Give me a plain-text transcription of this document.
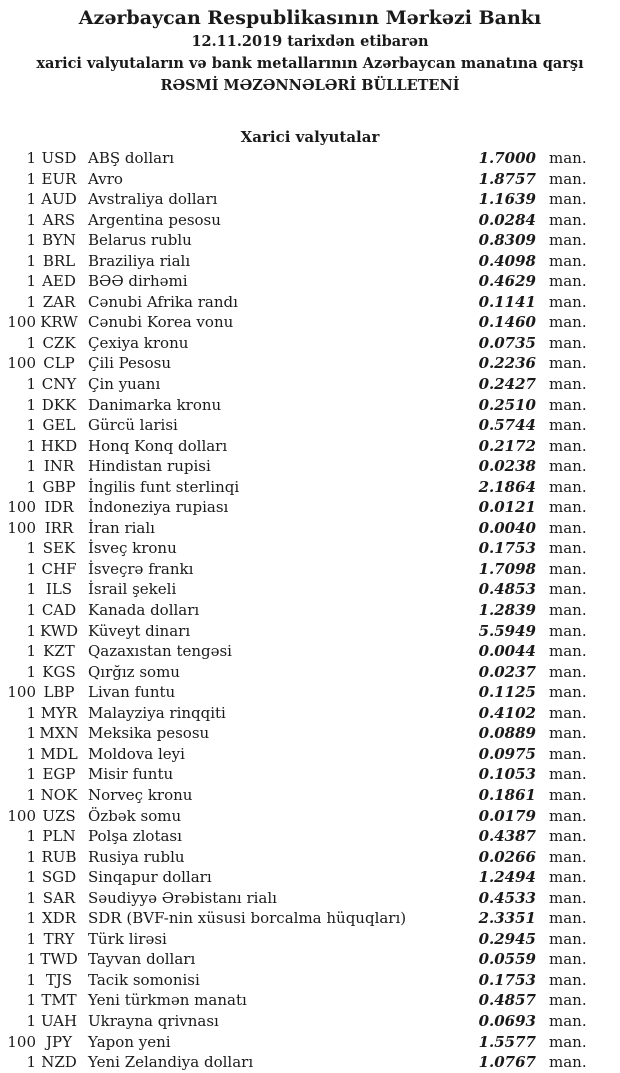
Azərbaycan Respublikasının Mərkəzi Bankı
12.11.2019 tarixdən etibarən
xarici valyutaların və bank metallarının Azərbaycan manatına qarşı
RƏSMİ MƏZƏNNƏLƏRİ BÜLLETENİ
Xarici valyutalar
1 USD ABŞ dolları	1.7000 man.
1 EUR Avro	1.8757 man.
1 AUD Avstraliya dolları	1.1639 man.
1 ARS Argentina pesosu	0.0284 man.
1 BYN Belarus rublu	0.8309 man.
1 BRL Braziliya rialı	0.4098 man.
1 AED BƏƏ dirhəmi	0.4629 man.
1 ZAR Cənubi Afrika randı	0.1141 man.
100 KRW Cənubi Korea vonu	0.1460 man.
1 CZK Çexiya kronu	0.0735 man.
100 CLP Çili Pesosu	0.2236 man.
1 CNY Çin yuanı	0.2427 man.
1 DKK Danimarka kronu	0.2510 man.
1 GEL Gürcü larisi	0.5744 man.
1 HKD Honq Konq dolları	0.2172 man.
1 INR Hindistan rupisi	0.0238 man.
1 GBP İngilis funt sterlinqi	2.1864 man.
100 IDR İndoneziya rupiası	0.0121 man.
100 IRR İran rialı	0.0040 man.
1 SEK İsveç kronu	0.1753 man.
1 CHF İsveçrə frankı	1.7098 man.
1 ILS	İsrail şekeli	0.4853 man.
1 CAD Kanada dolları	1.2839 man.
1 KWD Küveyt dinarı	5.5949 man.
1 KZT Qazaxıstan tengəsi	0.0044 man.
1 KGS Qırğız somu	0.0237 man.
100 LBP Livan funtu	0.1125 man.
1 MYR Malayziya rinqqiti	0.4102 man.
1 MXN Meksika pesosu	0.0889 man.
1 MDL Moldova leyi	0.0975 man.
1 EGP Misir funtu	0.1053 man.
1 NOK Norveç kronu	0.1861 man.
100 UZS Özbək somu	0.0179 man.
1 PLN Polşa zlotası	0.4387 man.
1 RUB Rusiya rublu	0.0266 man.
1 SGD Sinqapur dolları	1.2494 man.
1 SAR Səudiyyə Ərəbistanı rialı	0.4533 man.
1 XDR SDR (BVF-nin xüsusi borcalma hüquqları)	2.3351 man.
1 TRY Türk lirəsi	0.2945 man.
1 TWD Tayvan dolları	0.0559 man.
1 TJS	Tacik somonisi	0.1753 man.
1 TMT Yeni türkmən manatı	0.4857 man.
1 UAH Ukrayna qrivnası	0.0693 man.
100 JPY	Yapon yeni	1.5577 man.
1 NZD Yeni Zelandiya dolları	1.0767 man.
